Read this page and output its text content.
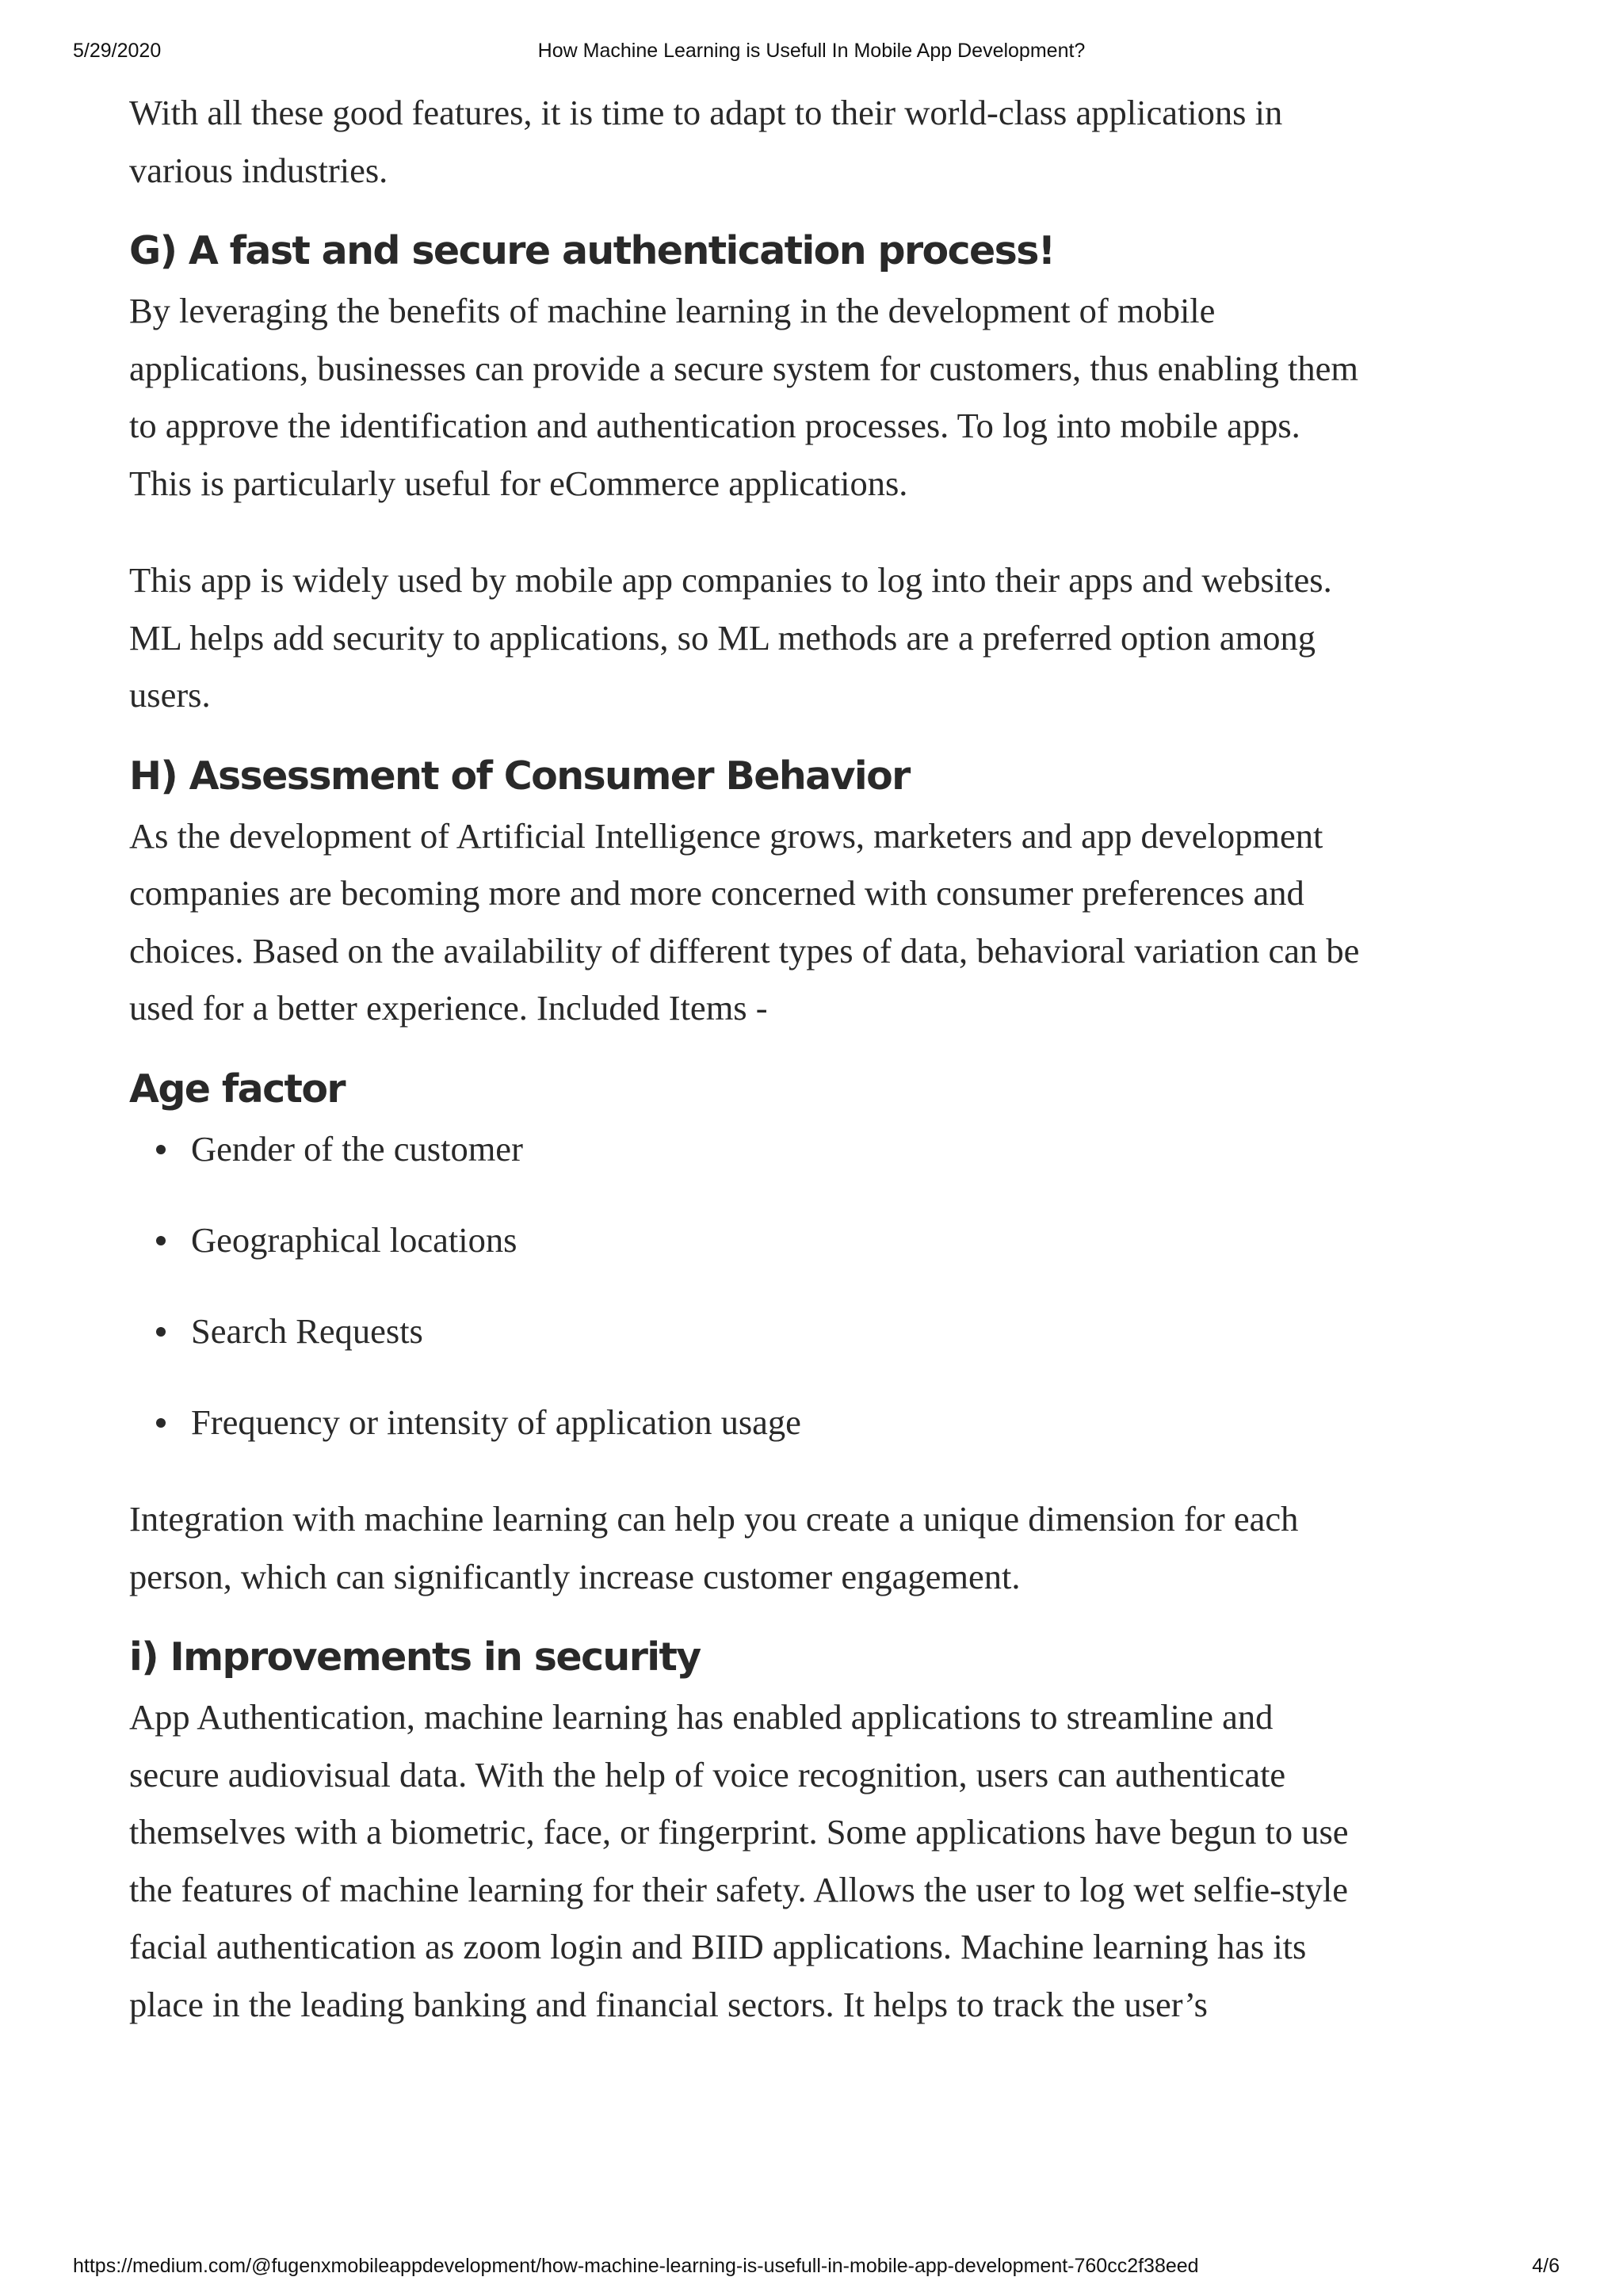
5/29/2020	How Machine Learning is Usefull In Mobile App Development?

With all these good features, it is time to adapt to their world-class applications in
various industries.

G) A fast and secure authentication process!

By leveraging the benefits of machine learning in the development of mobile
applications, businesses can provide a secure system for customers, thus enabling them
to approve the identification and authentication processes. To log into mobile apps.
This is particularly useful for eCommerce applications.

This app is widely used by mobile app companies to log into their apps and websites.
ML helps add security to applications, so ML methods are a preferred option among
users.

H) Assessment of Consumer Behavior

As the development of Artificial Intelligence grows, marketers and app development
companies are becoming more and more concerned with consumer preferences and
choices. Based on the availability of different types of data, behavioral variation can be
used for a better experience. Included Items -

Age factor
Gender of the customer
Geographical locations
Search Requests
Frequency or intensity of application usage

Integration with machine learning can help you create a unique dimension for each
person, which can significantly increase customer engagement.

i) Improvements in security

App Authentication, machine learning has enabled applications to streamline and
secure audiovisual data. With the help of voice recognition, users can authenticate
themselves with a biometric, face, or fingerprint. Some applications have begun to use
the features of machine learning for their safety. Allows the user to log wet selfie-style
facial authentication as zoom login and BIID applications. Machine learning has its
place in the leading banking and financial sectors. It helps to track the user’s

https://medium.com/@fugenxmobileappdevelopment/how-machine-learning-is-usefull-in-mobile-app-development-760cc2f38eed	4/6
